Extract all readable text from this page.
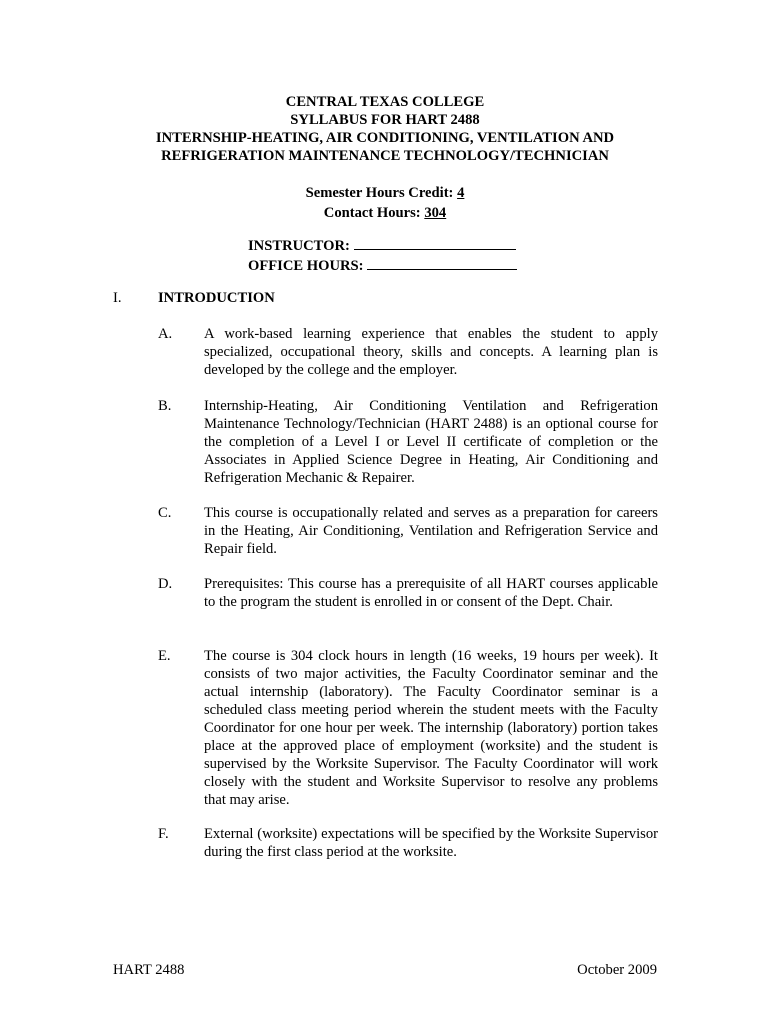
CENTRAL TEXAS COLLEGE
SYLLABUS FOR HART 2488
INTERNSHIP-HEATING, AIR CONDITIONING, VENTILATION AND
REFRIGERATION MAINTENANCE TECHNOLOGY/TECHNICIAN
Semester Hours Credit: 4
Contact Hours: 304
INSTRUCTOR:
OFFICE HOURS:
I. INTRODUCTION
A. A work-based learning experience that enables the student to apply specialized, occupational theory, skills and concepts. A learning plan is developed by the college and the employer.
B. Internship-Heating, Air Conditioning Ventilation and Refrigeration Maintenance Technology/Technician (HART 2488) is an optional course for the completion of a Level I or Level II certificate of completion or the Associates in Applied Science Degree in Heating, Air Conditioning and Refrigeration Mechanic & Repairer.
C. This course is occupationally related and serves as a preparation for careers in the Heating, Air Conditioning, Ventilation and Refrigeration Service and Repair field.
D. Prerequisites: This course has a prerequisite of all HART courses applicable to the program the student is enrolled in or consent of the Dept. Chair.
E. The course is 304 clock hours in length (16 weeks, 19 hours per week). It consists of two major activities, the Faculty Coordinator seminar and the actual internship (laboratory). The Faculty Coordinator seminar is a scheduled class meeting period wherein the student meets with the Faculty Coordinator for one hour per week. The internship (laboratory) portion takes place at the approved place of employment (worksite) and the student is supervised by the Worksite Supervisor. The Faculty Coordinator will work closely with the student and Worksite Supervisor to resolve any problems that may arise.
F. External (worksite) expectations will be specified by the Worksite Supervisor during the first class period at the worksite.
HART 2488	October 2009
